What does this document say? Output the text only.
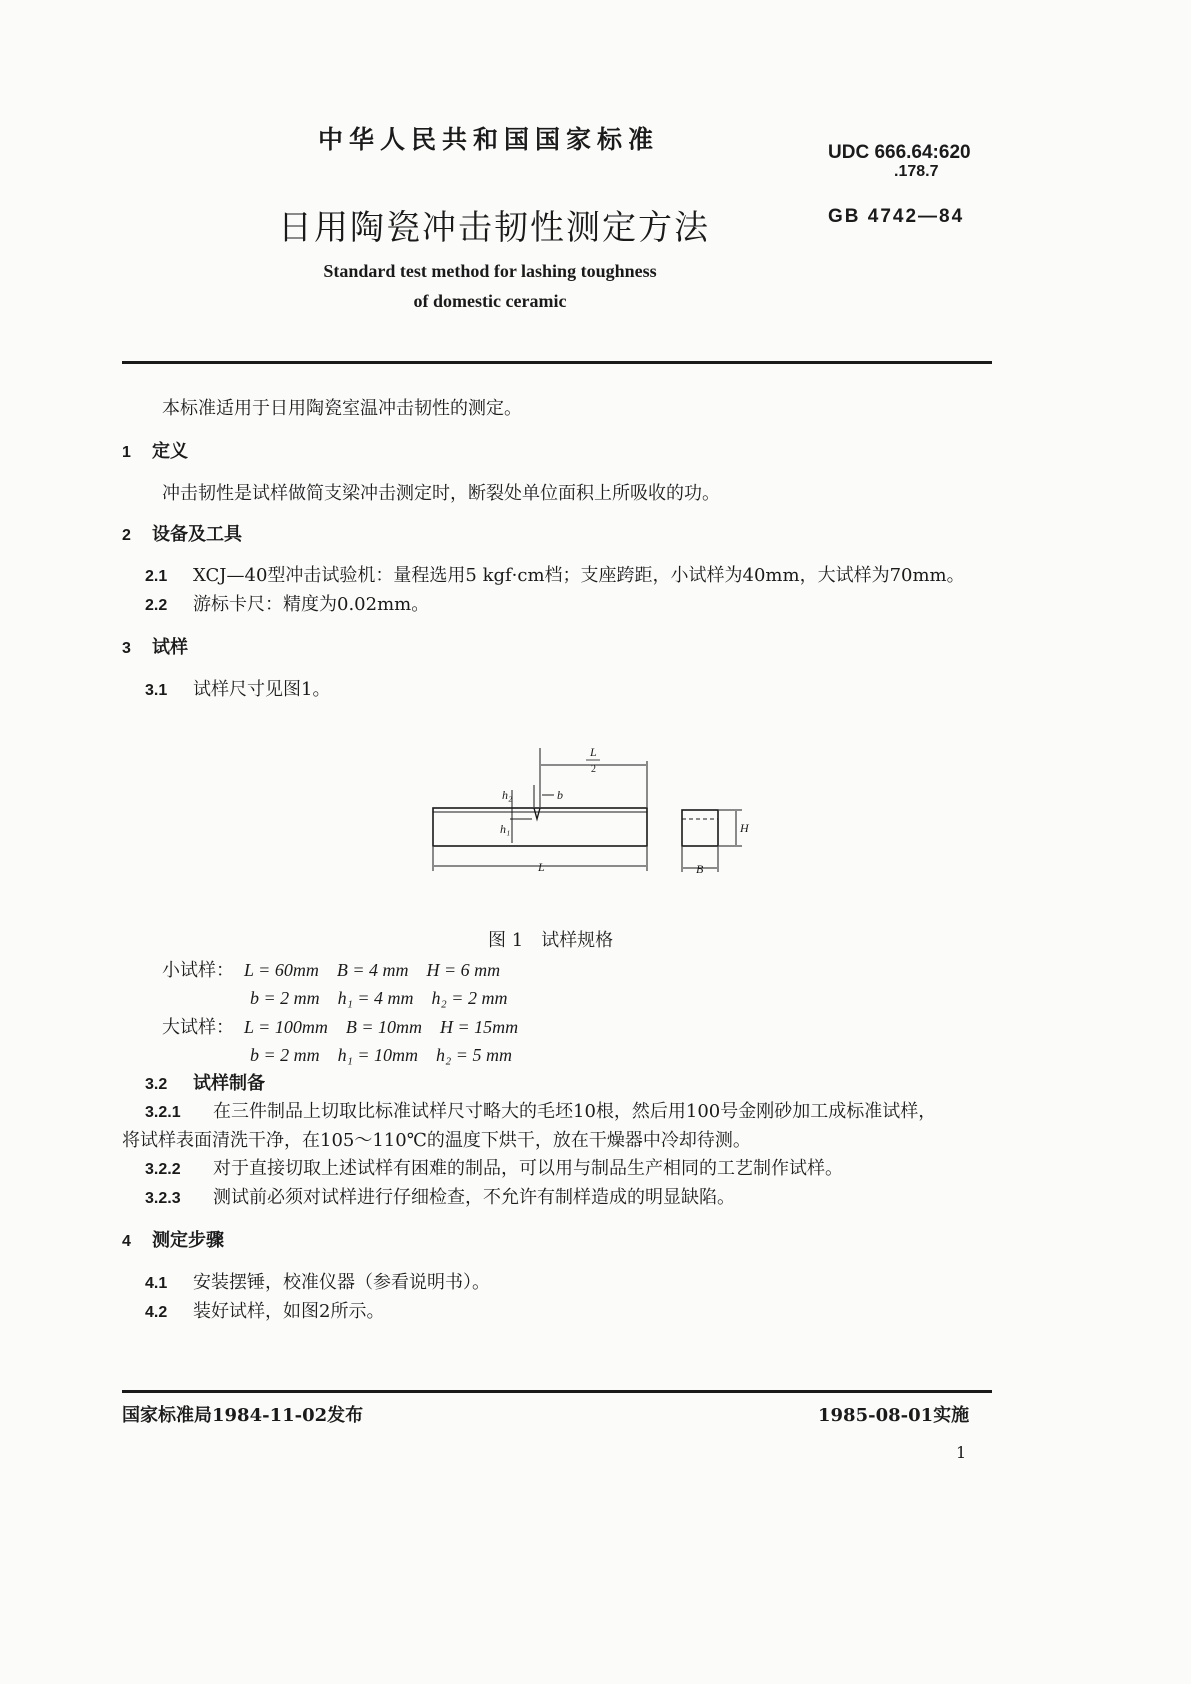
中华人民共和国国家标准	UDC 666.64:620
.178.7
日用陶瓷冲击韧性测定方法	GB 4742—84
Standard test method for lashing toughness
of domestic ceramic
本标准适用于日用陶瓷室温冲击韧性的测定。
1 定义
冲击韧性是试样做简支梁冲击测定时，断裂处单位面积上所吸收的功。
2 设备及工具
2.1 XCJ—40型冲击试验机：量程选用5 kgf·cm档；支座跨距，小试样为40mm，大试样为70mm。
2.2 游标卡尺：精度为0.02mm。
3 试样
3.1 试样尺寸见图1。
L
2
b
h₂
h₁
L	B
H
图 1　试样规格
小试样： L = 60mm　B = 4 mm　H = 6 mm
b = 2 mm　h₁ = 4 mm　h₂ = 2 mm
大试样： L = 100mm　B = 10mm　H = 15mm
b = 2 mm　h₁ = 10mm　h₂ = 5 mm
3.2 试样制备
3.2.1 在三件制品上切取比标准试样尺寸略大的毛坯10根，然后用100号金刚砂加工成标准试样，
将试样表面清洗干净，在105～110℃的温度下烘干，放在干燥器中冷却待测。
3.2.2 对于直接切取上述试样有困难的制品，可以用与制品生产相同的工艺制作试样。
3.2.3 测试前必须对试样进行仔细检查，不允许有制样造成的明显缺陷。
4 测定步骤
4.1 安装摆锤，校准仪器（参看说明书）。
4.2 装好试样，如图2所示。
国家标准局1984-11-02发布	1985-08-01实施
1
